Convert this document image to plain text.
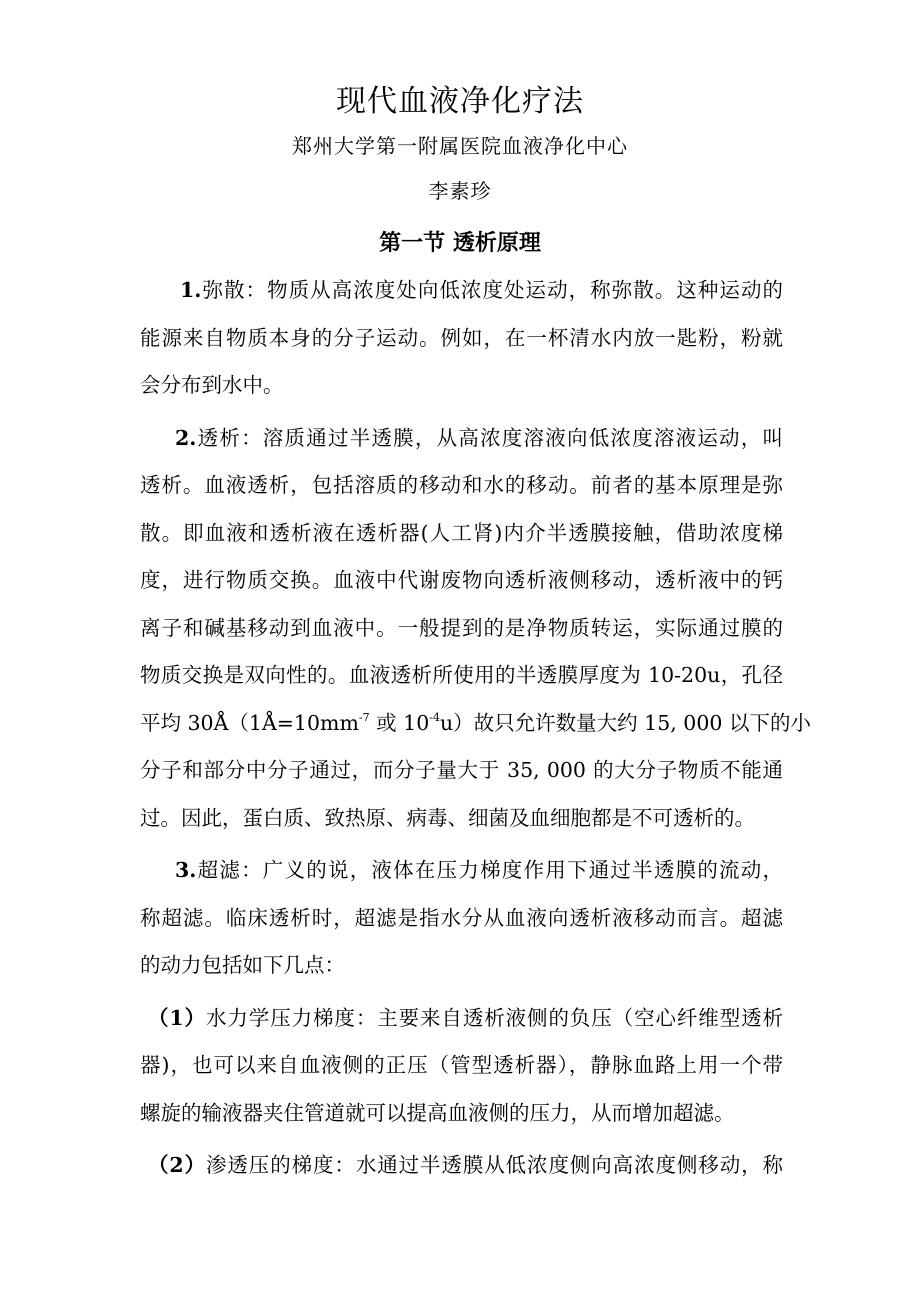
现代血液净化疗法
郑州大学第一附属医院血液净化中心
李素珍
第一节 透析原理
1.弥散：物质从高浓度处向低浓度处运动，称弥散。这种运动的
能源来自物质本身的分子运动。例如，在一杯清水内放一匙粉，粉就
会分布到水中。
2.透析：溶质通过半透膜，从高浓度溶液向低浓度溶液运动，叫
透析。血液透析，包括溶质的移动和水的移动。前者的基本原理是弥
散。即血液和透析液在透析器(人工肾)内介半透膜接触，借助浓度梯
度，进行物质交换。血液中代谢废物向透析液侧移动，透析液中的钙
离子和碱基移动到血液中。一般提到的是净物质转运，实际通过膜的
物质交换是双向性的。血液透析所使用的半透膜厚度为 10-20u，孔径
平均 $30Å(1Å=10mm^{-7}$ 或 $10^{-4}u$）故只允许数量大约 15, 000 以下的小
分子和部分中分子通过，而分子量大于 35, 000 的大分子物质不能通
过。因此，蛋白质、致热原、病毒、细菌及血细胞都是不可透析的。
3.超滤：广义的说，液体在压力梯度作用下通过半透膜的流动，
称超滤。临床透析时，超滤是指水分从血液向透析液移动而言。超滤
的动力包括如下几点：
（1）水力学压力梯度：主要来自透析液侧的负压（空心纤维型透析
器)，也可以来自血液侧的正压（管型透析器），静脉血路上用一个带
螺旋的输液器夹住管道就可以提高血液侧的压力，从而增加超滤。
（2）渗透压的梯度：水通过半透膜从低浓度侧向高浓度侧移动，称
